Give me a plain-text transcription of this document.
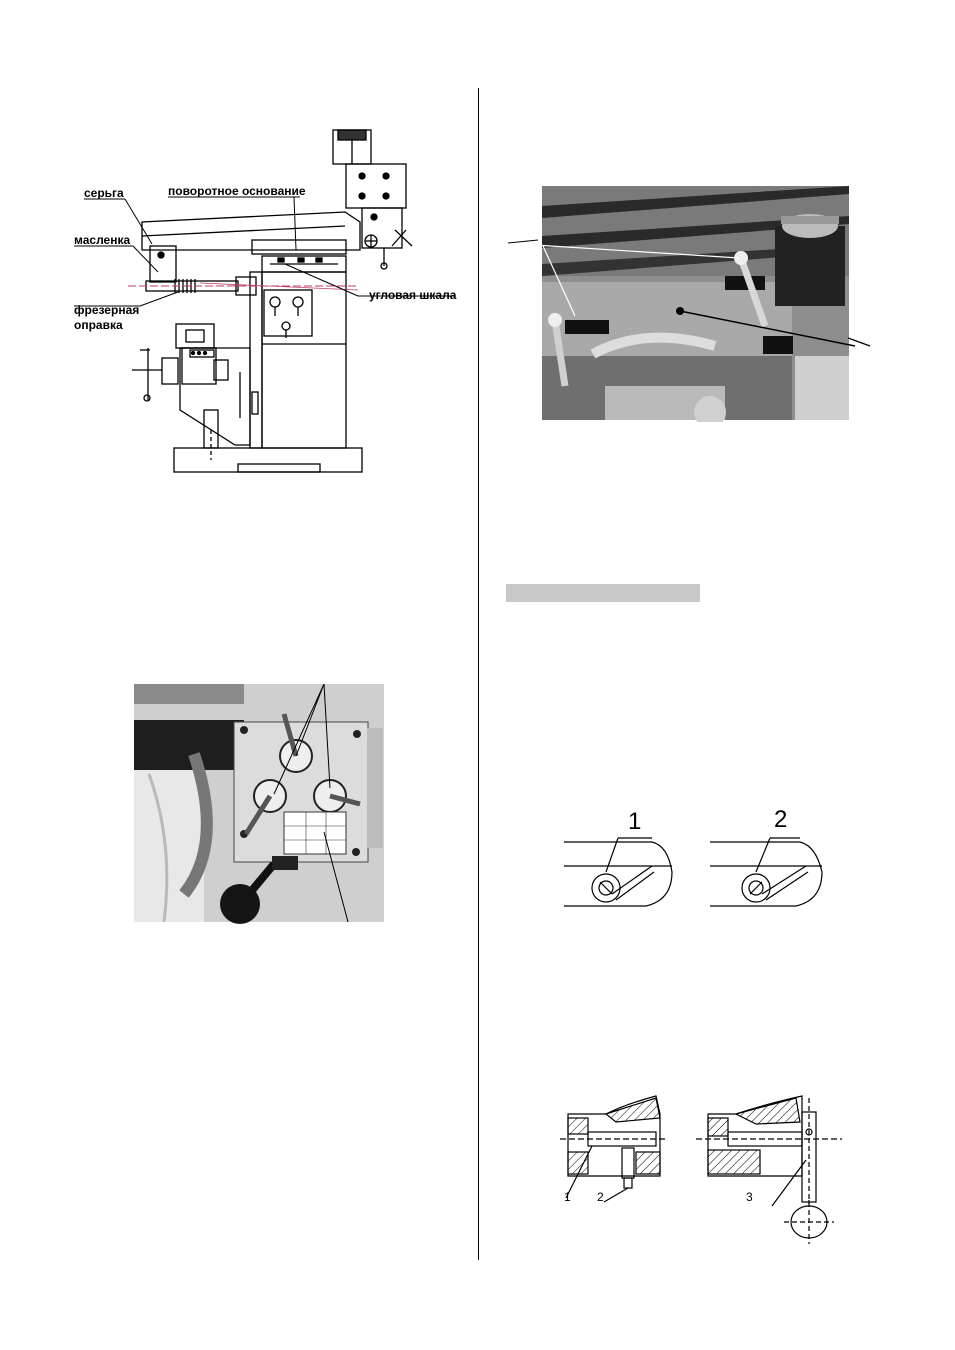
серьга	поворотное основание
масленка
фрезерная
оправка
угловая шкала
1	2
1 2	3
